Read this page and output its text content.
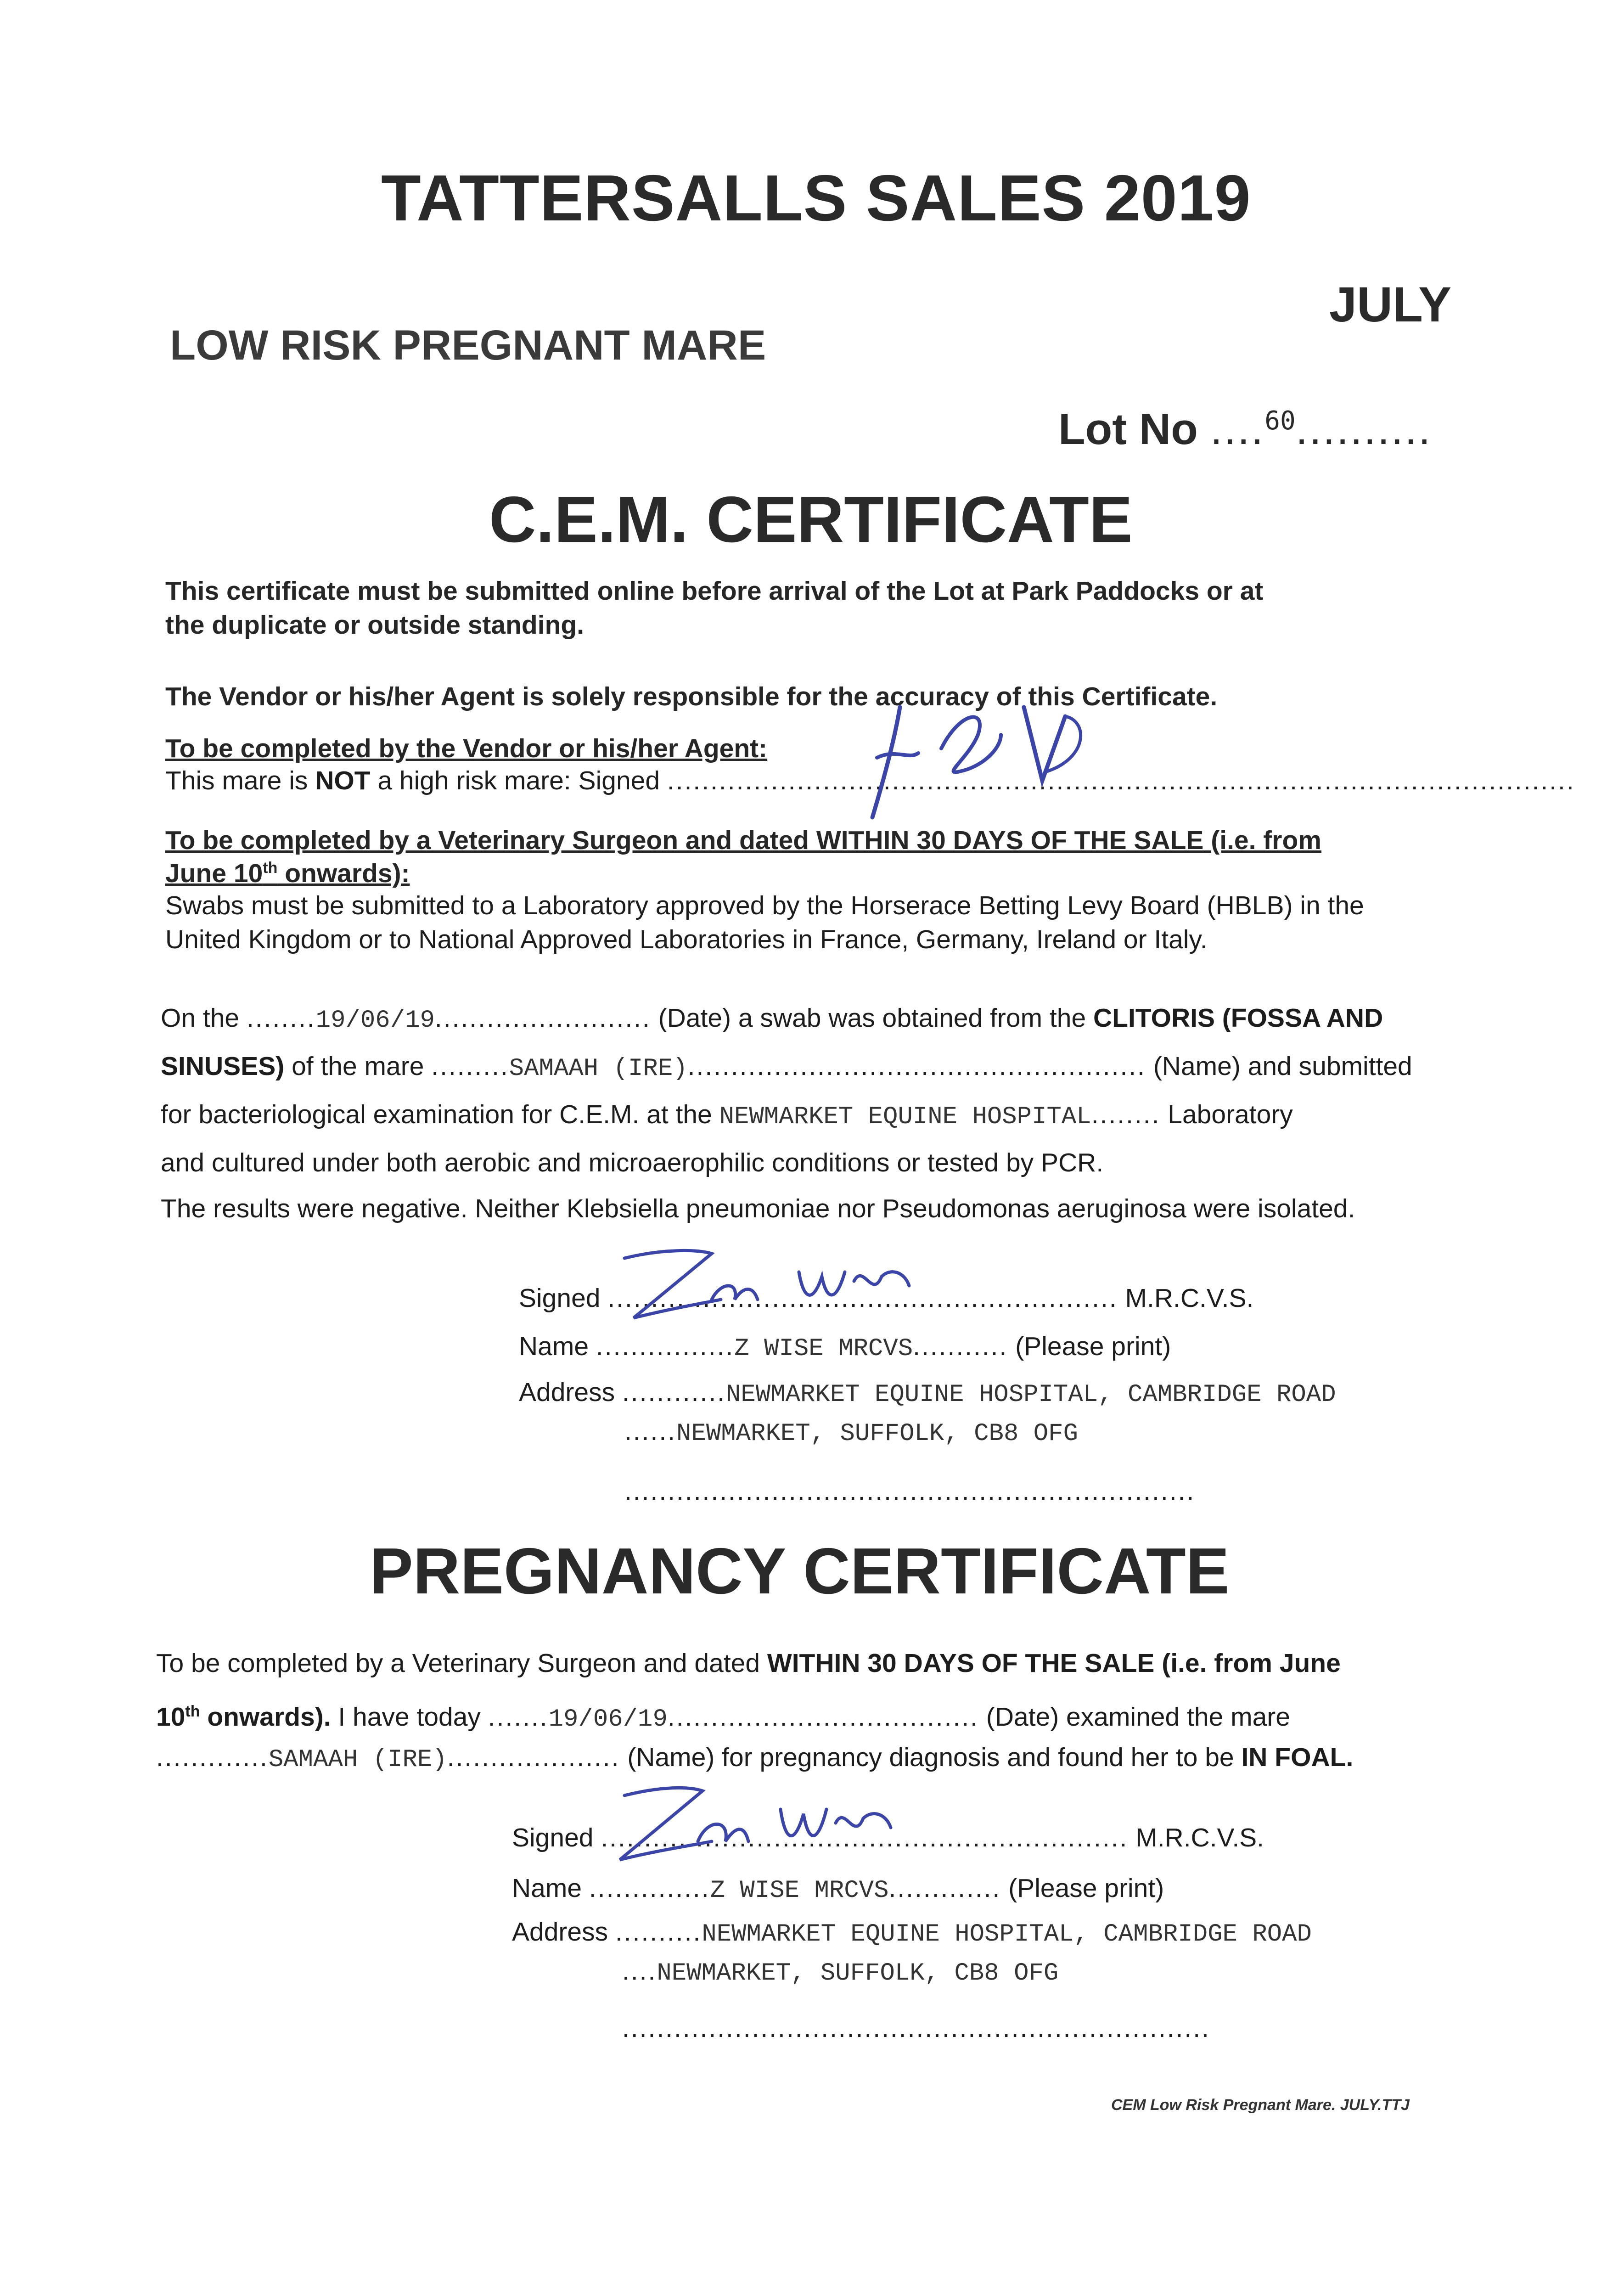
TATTERSALLS SALES 2019
JULY
LOW RISK PREGNANT MARE
Lot No ....$^{60}$..........
C.E.M. CERTIFICATE
This certificate must be submitted online before arrival of the Lot at Park Paddocks or at
the duplicate or outside standing.
The Vendor or his/her Agent is solely responsible for the accuracy of this Certificate.
To be completed by the Vendor or his/her Agent:
This mare is NOT a high risk mare: Signed .........................................................................................................
To be completed by a Veterinary Surgeon and dated WITHIN 30 DAYS OF THE SALE (i.e. from
June 10th onwards):
Swabs must be submitted to a Laboratory approved by the Horserace Betting Levy Board (HBLB) in the
United Kingdom or to National Approved Laboratories in France, Germany, Ireland or Italy.
On the ........19/06/19......................... (Date) a swab was obtained from the CLITORIS (FOSSA AND
SINUSES) of the mare .........SAMAAH (IRE)..................................................... (Name) and submitted
for bacteriological examination for C.E.M. at the NEWMARKET EQUINE HOSPITAL........ Laboratory
and cultured under both aerobic and microaerophilic conditions or tested by PCR.
The results were negative. Neither Klebsiella pneumoniae nor Pseudomonas aeruginosa were isolated.
Signed ........................................................... M.R.C.V.S.
Name ................Z WISE MRCVS........... (Please print)
Address ............NEWMARKET EQUINE HOSPITAL, CAMBRIDGE ROAD
......NEWMARKET, SUFFOLK, CB8 OFG
..................................................................
PREGNANCY CERTIFICATE
To be completed by a Veterinary Surgeon and dated WITHIN 30 DAYS OF THE SALE (i.e. from June
10th onwards). I have today .......19/06/19.................................... (Date) examined the mare
.............SAMAAH (IRE).................... (Name) for pregnancy diagnosis and found her to be IN FOAL.
Signed ............................................................. M.R.C.V.S.
Name ..............Z WISE MRCVS............. (Please print)
Address ..........NEWMARKET EQUINE HOSPITAL, CAMBRIDGE ROAD
....NEWMARKET, SUFFOLK, CB8 OFG
....................................................................
CEM Low Risk Pregnant Mare. JULY.TTJ
